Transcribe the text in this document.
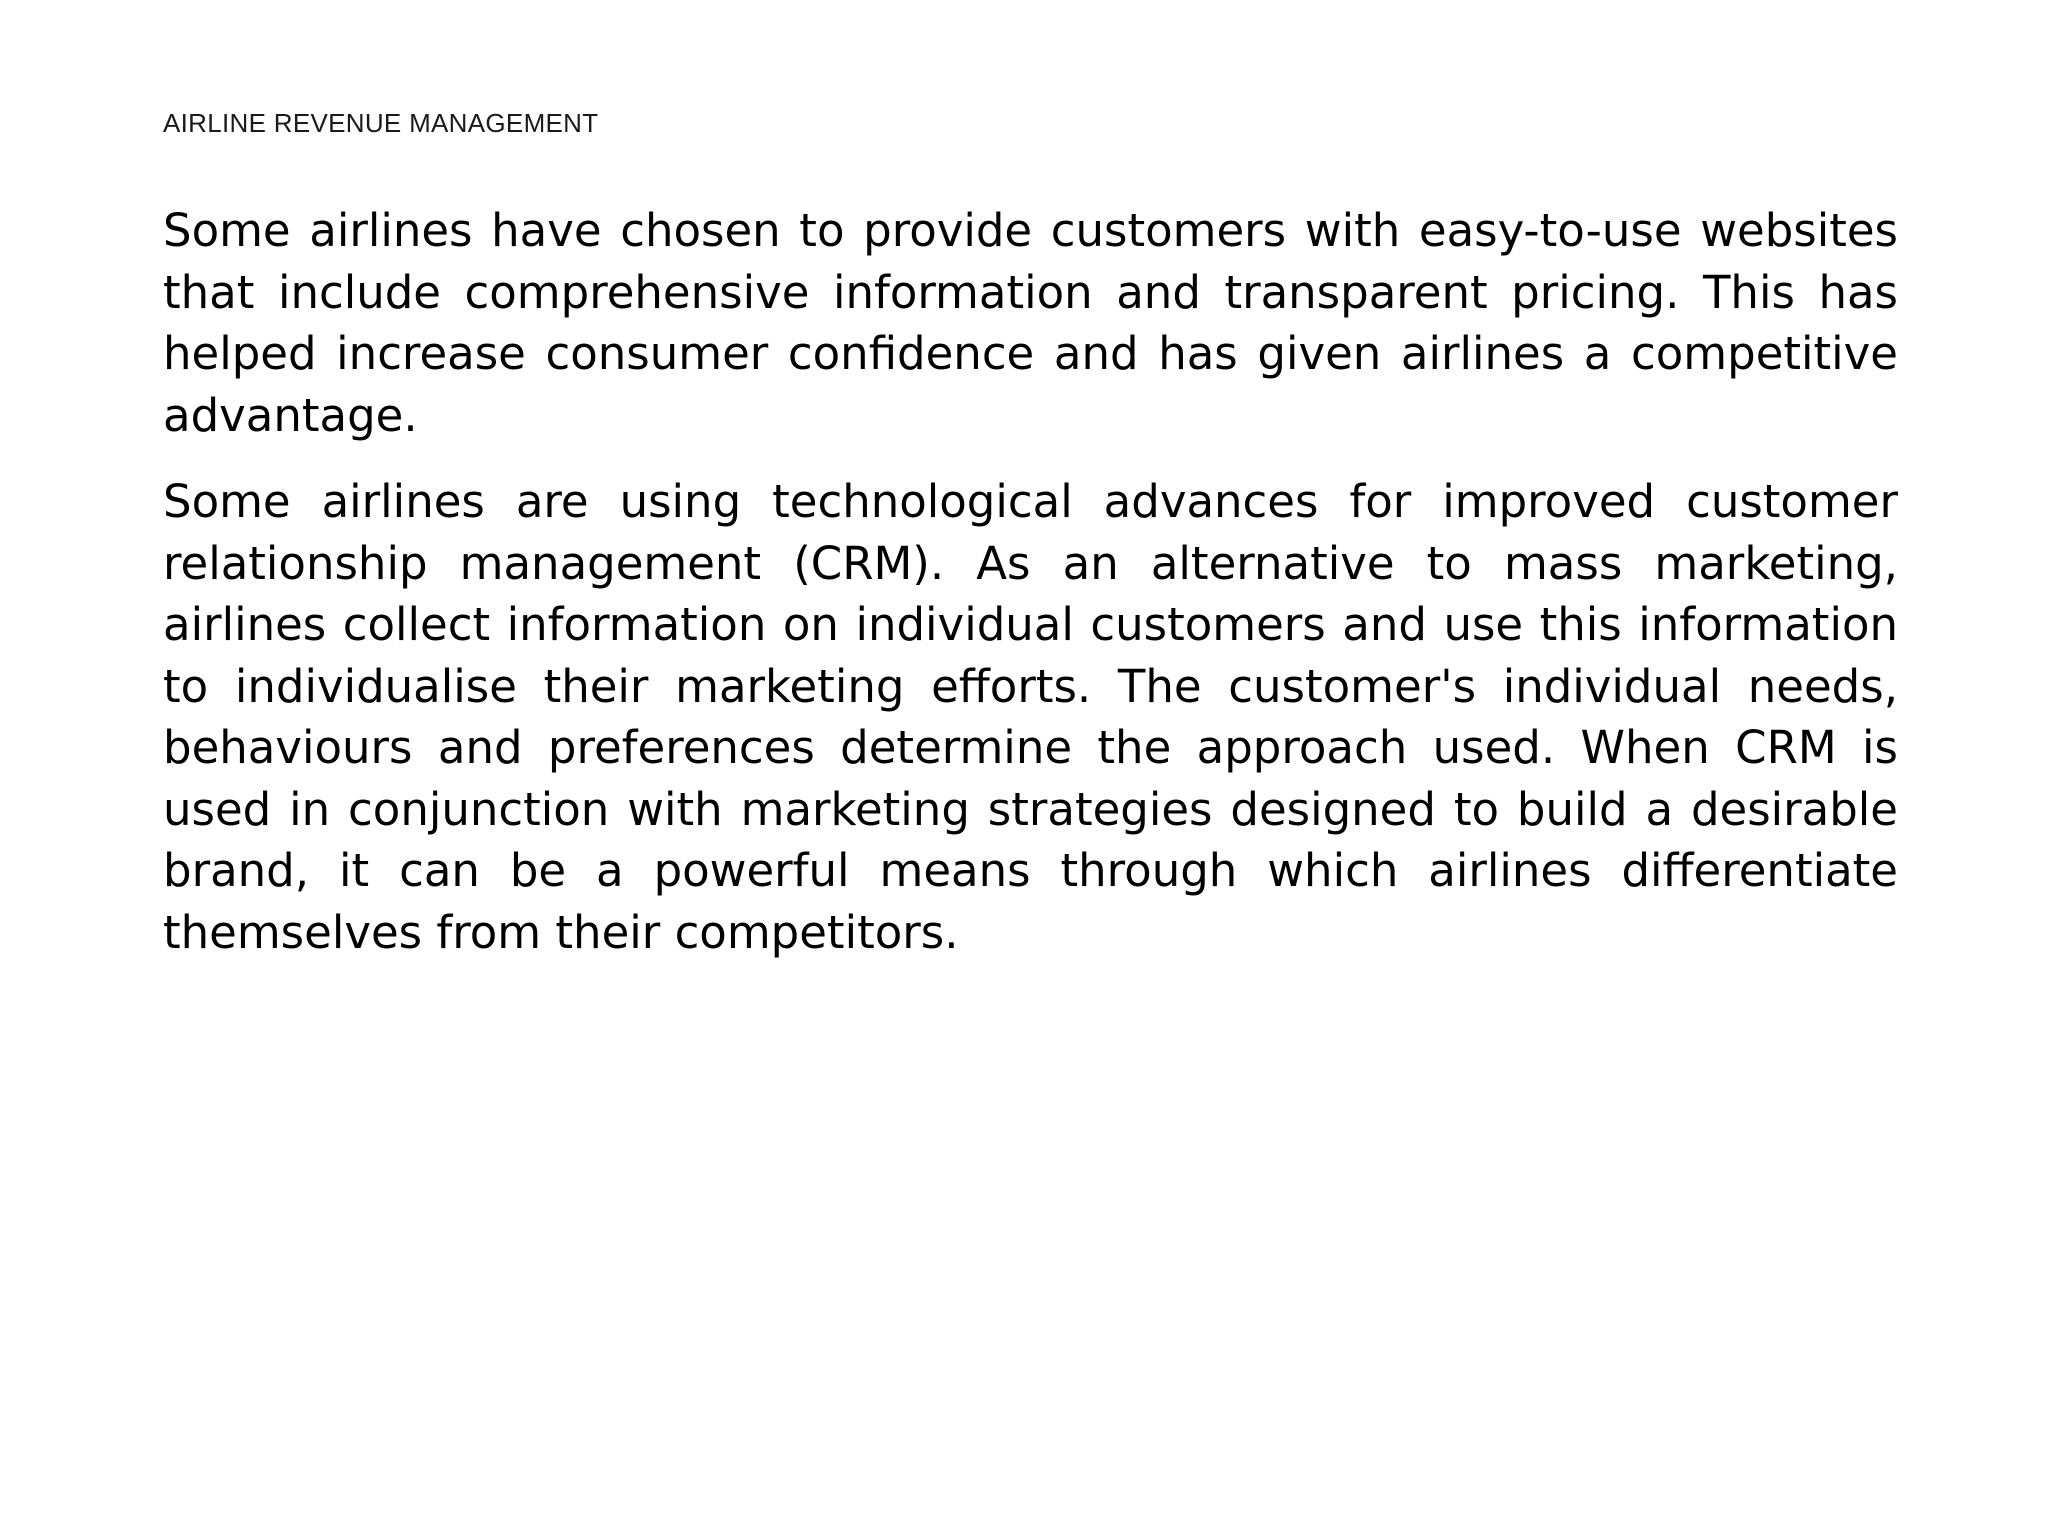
AIRLINE REVENUE MANAGEMENT

Some airlines have chosen to provide customers with easy-to-use websites that include comprehensive information and transparent pricing. This has helped increase consumer confidence and has given airlines a competitive advantage.

Some airlines are using technological advances for improved customer relationship management (CRM). As an alternative to mass marketing, airlines collect information on individual customers and use this information to individualise their marketing efforts. The customer's individual needs, behaviours and preferences determine the approach used. When CRM is used in conjunction with marketing strategies designed to build a desirable brand, it can be a powerful means through which airlines differentiate themselves from their competitors.
